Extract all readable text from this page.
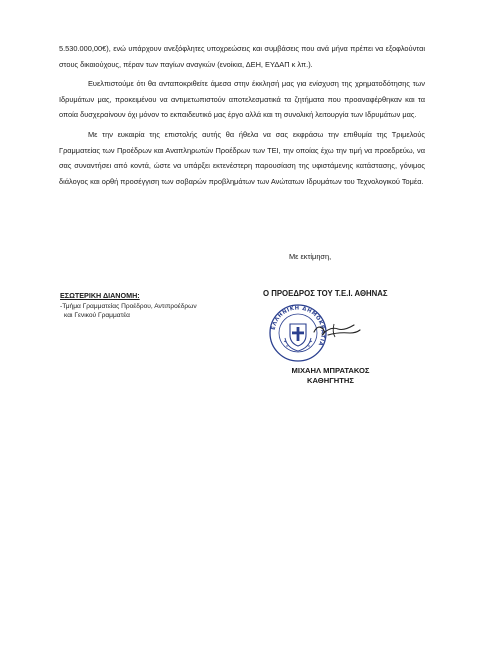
5.530.000,00€), ενώ υπάρχουν ανεξόφλητες υποχρεώσεις και συμβάσεις που ανά μήνα πρέπει να εξοφλούνται στους δικαιούχους, πέραν των παγίων αναγκών (ενοίκια, ΔΕΗ, ΕΥΔΑΠ κ λπ.).

Ευελπιστούμε ότι θα ανταποκριθείτε άμεσα στην έκκλησή μας για ενίσχυση της χρηματοδότησης των Ιδρυμάτων μας, προκειμένου να αντιμετωπιστούν αποτελεσματικά τα ζητήματα που προαναφέρθηκαν και τα οποία δυσχεραίνουν όχι μόνον το εκπαιδευτικό μας έργο αλλά και τη συνολική λειτουργία των Ιδρυμάτων μας.

Με την ευκαιρία της επιστολής αυτής θα ήθελα να σας εκφράσω την επιθυμία της Τριμελούς Γραμματείας των Προέδρων και Αναπληρωτών Προέδρων των ΤΕΙ, την οποίας έχω την τιμή να προεδρεύω, να σας συναντήσει από κοντά, ώστε να υπάρξει εκτενέστερη παρουσίαση της υφιστάμενης κατάστασης, γόνιμος διάλογος και ορθή προσέγγιση των σοβαρών προβλημάτων των Ανώτατων Ιδρυμάτων του Τεχνολογικού Τομέα.

Με εκτίμηση,
ΕΣΩΤΕΡΙΚΗ ΔΙΑΝΟΜΗ:
-Τμήμα Γραμματείας Προέδρου, Αντιπροέδρων
και Γενικού Γραμματέα
Ο ΠΡΟΕΔΡΟΣ ΤΟΥ Τ.Ε.Ι. ΑΘΗΝΑΣ
ΕΛΛΗΝΙΚΗ ΔΗΜΟΚΡΑΤΙΑ
ΜΙΧΑΗΛ ΜΠΡΑΤΑΚΟΣ
ΚΑΘΗΓΗΤΗΣ
